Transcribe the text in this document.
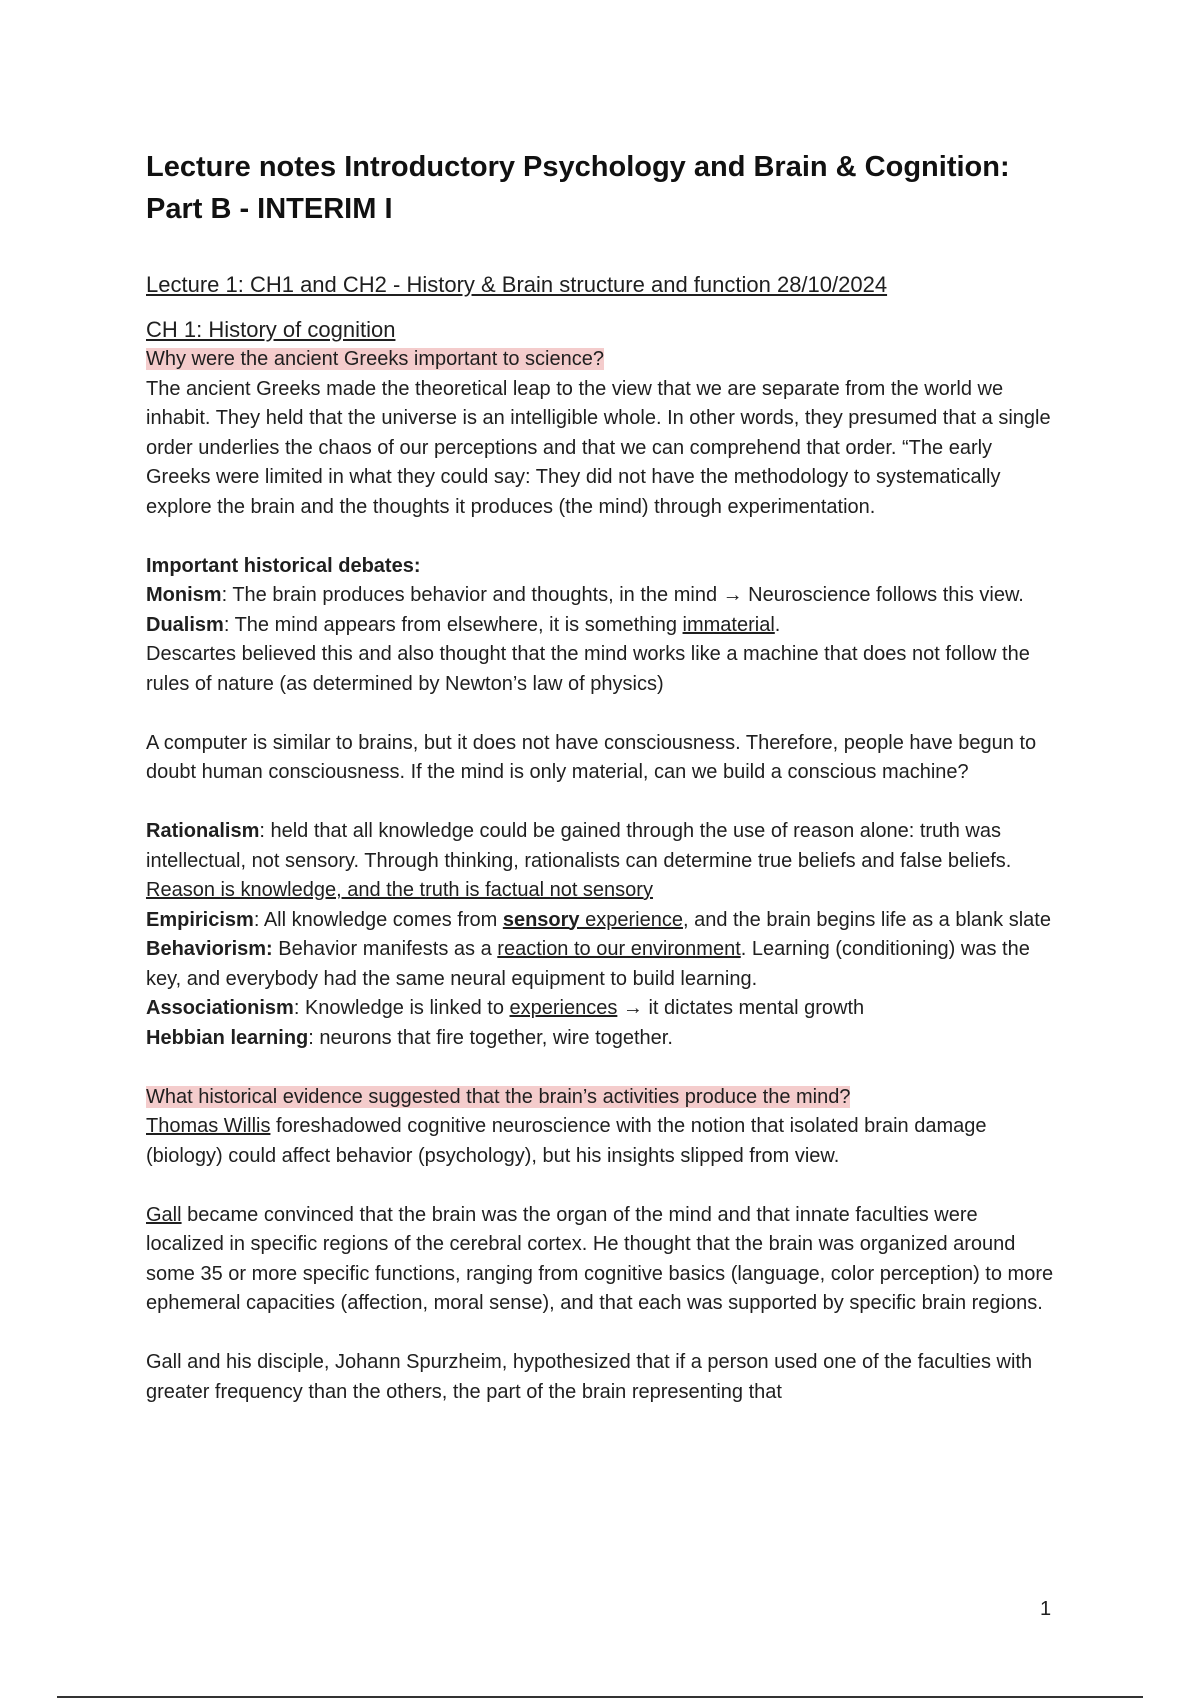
Lecture notes Introductory Psychology and Brain & Cognition: Part B - INTERIM I
Lecture 1: CH1 and CH2 - History & Brain structure and function 28/10/2024

CH 1: History of cognition

Why were the ancient Greeks important to science?

The ancient Greeks made the theoretical leap to the view that we are separate from the world we inhabit. They held that the universe is an intelligible whole. In other words, they presumed that a single order underlies the chaos of our perceptions and that we can comprehend that order. “The early Greeks were limited in what they could say: They did not have the methodology to systematically explore the brain and the thoughts it produces (the mind) through experimentation.

Important historical debates:

Monism: The brain produces behavior and thoughts, in the mind → Neuroscience follows this view.

Dualism: The mind appears from elsewhere, it is something immaterial.

Descartes believed this and also thought that the mind works like a machine that does not follow the rules of nature (as determined by Newton’s law of physics)

A computer is similar to brains, but it does not have consciousness. Therefore, people have begun to doubt human consciousness. If the mind is only material, can we build a conscious machine?

Rationalism: held that all knowledge could be gained through the use of reason alone: truth was intellectual, not sensory. Through thinking, rationalists can determine true beliefs and false beliefs. Reason is knowledge, and the truth is factual not sensory

Empiricism: All knowledge comes from sensory experience, and the brain begins life as a blank slate

Behaviorism: Behavior manifests as a reaction to our environment. Learning (conditioning) was the key, and everybody had the same neural equipment to build learning.

Associationism: Knowledge is linked to experiences → it dictates mental growth

Hebbian learning: neurons that fire together, wire together.

What historical evidence suggested that the brain’s activities produce the mind?

Thomas Willis foreshadowed cognitive neuroscience with the notion that isolated brain damage (biology) could affect behavior (psychology), but his insights slipped from view.

Gall became convinced that the brain was the organ of the mind and that innate faculties were localized in specific regions of the cerebral cortex. He thought that the brain was organized around some 35 or more specific functions, ranging from cognitive basics (language, color perception) to more ephemeral capacities (affection, moral sense), and that each was supported by specific brain regions.

Gall and his disciple, Johann Spurzheim, hypothesized that if a person used one of the faculties with greater frequency than the others, the part of the brain representing that

1
